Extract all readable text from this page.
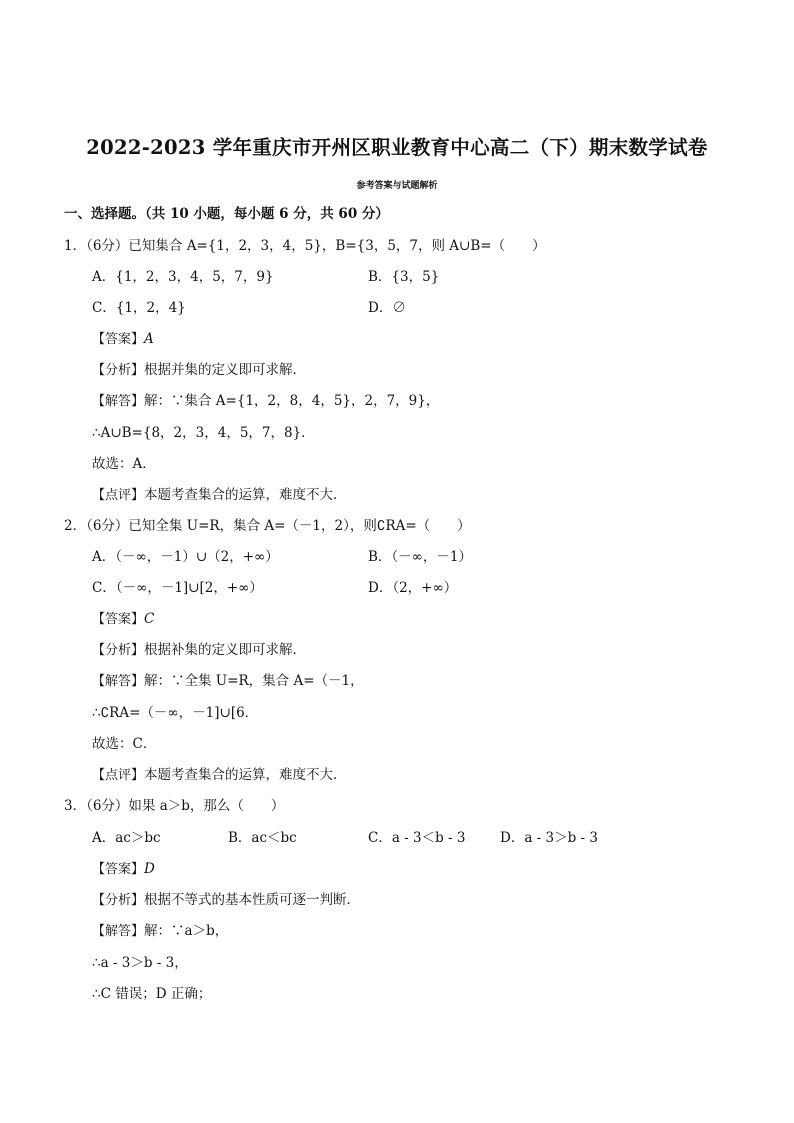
2022-2023 学年重庆市开州区职业教育中心高二（下）期末数学试卷
参考答案与试题解析
一、选择题。（共 10 小题，每小题 6 分，共 60 分）
1．（6分）已知集合 A={1，2，3，4，5}，B={3，5，7，则 A∪B=（　　）
A．{1，2，3，4，5，7，9}	B．{3，5}
C．{1，2，4}	D．∅
【答案】A
【分析】根据并集的定义即可求解．
【解答】解：∵集合 A={1，2，8，4，5}，2，7，9}，
∴A∪B={8，2，3，4，5，7，8}．
故选：A．
【点评】本题考查集合的运算，难度不大．
2．（6分）已知全集 U=R，集合 A=（－1，2），则∁RA=（　　）
A．（－∞，－1）∪（2，+∞）	B．（－∞，－1）
C．（－∞，－1]∪[2，+∞）	D．（2，+∞）
【答案】C
【分析】根据补集的定义即可求解．
【解答】解：∵全集 U=R，集合 A=（－1，
∴∁RA=（－∞，－1]∪[6．
故选：C．
【点评】本题考查集合的运算，难度不大．
3．（6分）如果 a＞b，那么（　　）
A．ac＞bc	B．ac＜bc	C．a - 3＜b - 3	D．a - 3＞b - 3
【答案】D
【分析】根据不等式的基本性质可逐一判断．
【解答】解：∵a＞b，
∴a - 3＞b - 3，
∴C 错误；D 正确；
